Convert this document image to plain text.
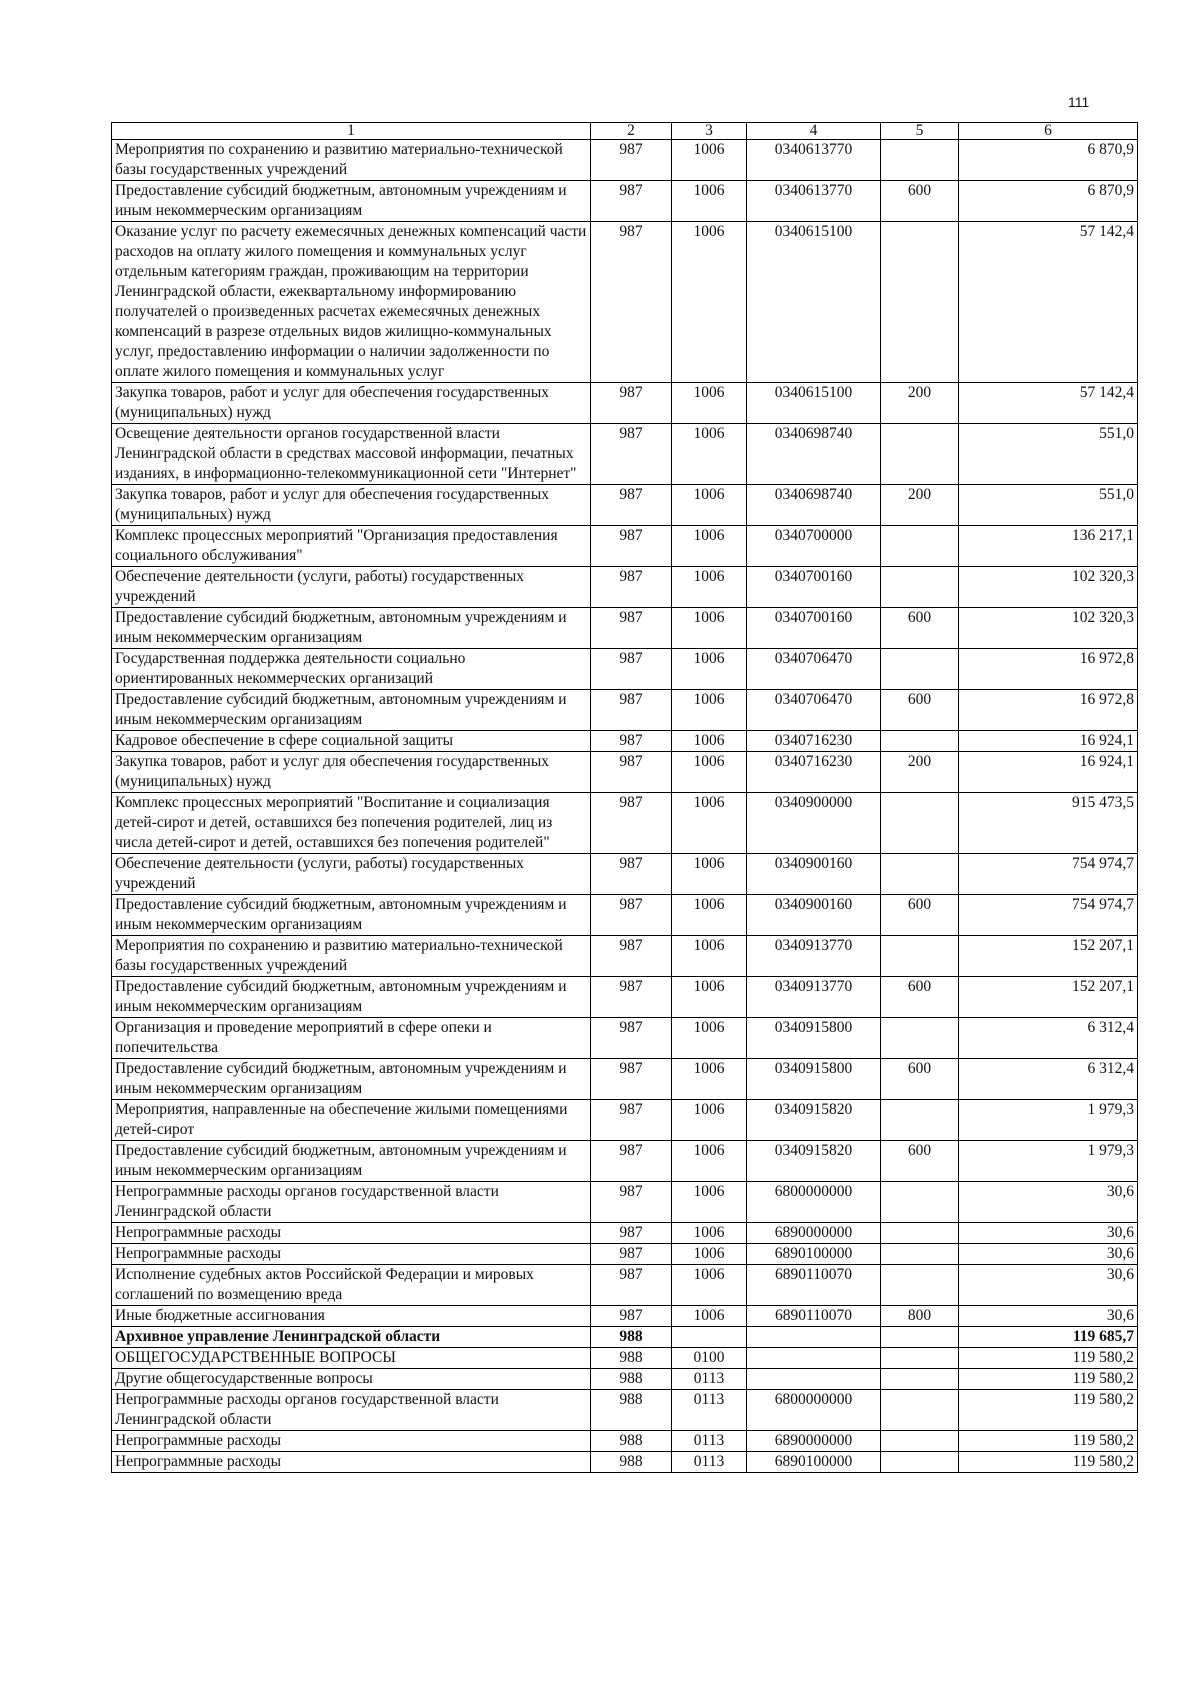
111
1	2	3	4	5	6
Мероприятия по сохранению и развитию материально-технической базы государственных учреждений	987	1006	0340613770		6 870,9
Предоставление субсидий бюджетным, автономным учреждениям и иным некоммерческим организациям	987	1006	0340613770	600	6 870,9
Оказание услуг по расчету ежемесячных денежных компенсаций части расходов на оплату жилого помещения и коммунальных услуг отдельным категориям граждан, проживающим на территории Ленинградской области, ежеквартальному информированию получателей о произведенных расчетах ежемесячных денежных компенсаций в разрезе отдельных видов жилищно-коммунальных услуг, предоставлению информации о наличии задолженности по оплате жилого помещения и коммунальных услуг	987	1006	0340615100		57 142,4
Закупка товаров, работ и услуг для обеспечения государственных (муниципальных) нужд	987	1006	0340615100	200	57 142,4
Освещение деятельности органов государственной власти Ленинградской области в средствах массовой информации, печатных изданиях, в информационно-телекоммуникационной сети "Интернет"	987	1006	0340698740		551,0
Закупка товаров, работ и услуг для обеспечения государственных (муниципальных) нужд	987	1006	0340698740	200	551,0
Комплекс процессных мероприятий "Организация предоставления социального обслуживания"	987	1006	0340700000		136 217,1
Обеспечение деятельности (услуги, работы) государственных учреждений	987	1006	0340700160		102 320,3
Предоставление субсидий бюджетным, автономным учреждениям и иным некоммерческим организациям	987	1006	0340700160	600	102 320,3
Государственная поддержка деятельности социально ориентированных некоммерческих организаций	987	1006	0340706470		16 972,8
Предоставление субсидий бюджетным, автономным учреждениям и иным некоммерческим организациям	987	1006	0340706470	600	16 972,8
Кадровое обеспечение в сфере социальной защиты	987	1006	0340716230		16 924,1
Закупка товаров, работ и услуг для обеспечения государственных (муниципальных) нужд	987	1006	0340716230	200	16 924,1
Комплекс процессных мероприятий "Воспитание и социализация детей-сирот и детей, оставшихся без попечения родителей, лиц из числа детей-сирот и детей, оставшихся без попечения родителей"	987	1006	0340900000		915 473,5
Обеспечение деятельности (услуги, работы) государственных учреждений	987	1006	0340900160		754 974,7
Предоставление субсидий бюджетным, автономным учреждениям и иным некоммерческим организациям	987	1006	0340900160	600	754 974,7
Мероприятия по сохранению и развитию материально-технической базы государственных учреждений	987	1006	0340913770		152 207,1
Предоставление субсидий бюджетным, автономным учреждениям и иным некоммерческим организациям	987	1006	0340913770	600	152 207,1
Организация и проведение мероприятий в сфере опеки и попечительства	987	1006	0340915800		6 312,4
Предоставление субсидий бюджетным, автономным учреждениям и иным некоммерческим организациям	987	1006	0340915800	600	6 312,4
Мероприятия, направленные на обеспечение жилыми помещениями детей-сирот	987	1006	0340915820		1 979,3
Предоставление субсидий бюджетным, автономным учреждениям и иным некоммерческим организациям	987	1006	0340915820	600	1 979,3
Непрограммные расходы органов государственной власти Ленинградской области	987	1006	6800000000		30,6
Непрограммные расходы	987	1006	6890000000		30,6
Непрограммные расходы	987	1006	6890100000		30,6
Исполнение судебных актов Российской Федерации и мировых соглашений по возмещению вреда	987	1006	6890110070		30,6
Иные бюджетные ассигнования	987	1006	6890110070	800	30,6
Архивное управление Ленинградской области	988				119 685,7
ОБЩЕГОСУДАРСТВЕННЫЕ ВОПРОСЫ	988	0100			119 580,2
Другие общегосударственные вопросы	988	0113			119 580,2
Непрограммные расходы органов государственной власти Ленинградской области	988	0113	6800000000		119 580,2
Непрограммные расходы	988	0113	6890000000		119 580,2
Непрограммные расходы	988	0113	6890100000		119 580,2
